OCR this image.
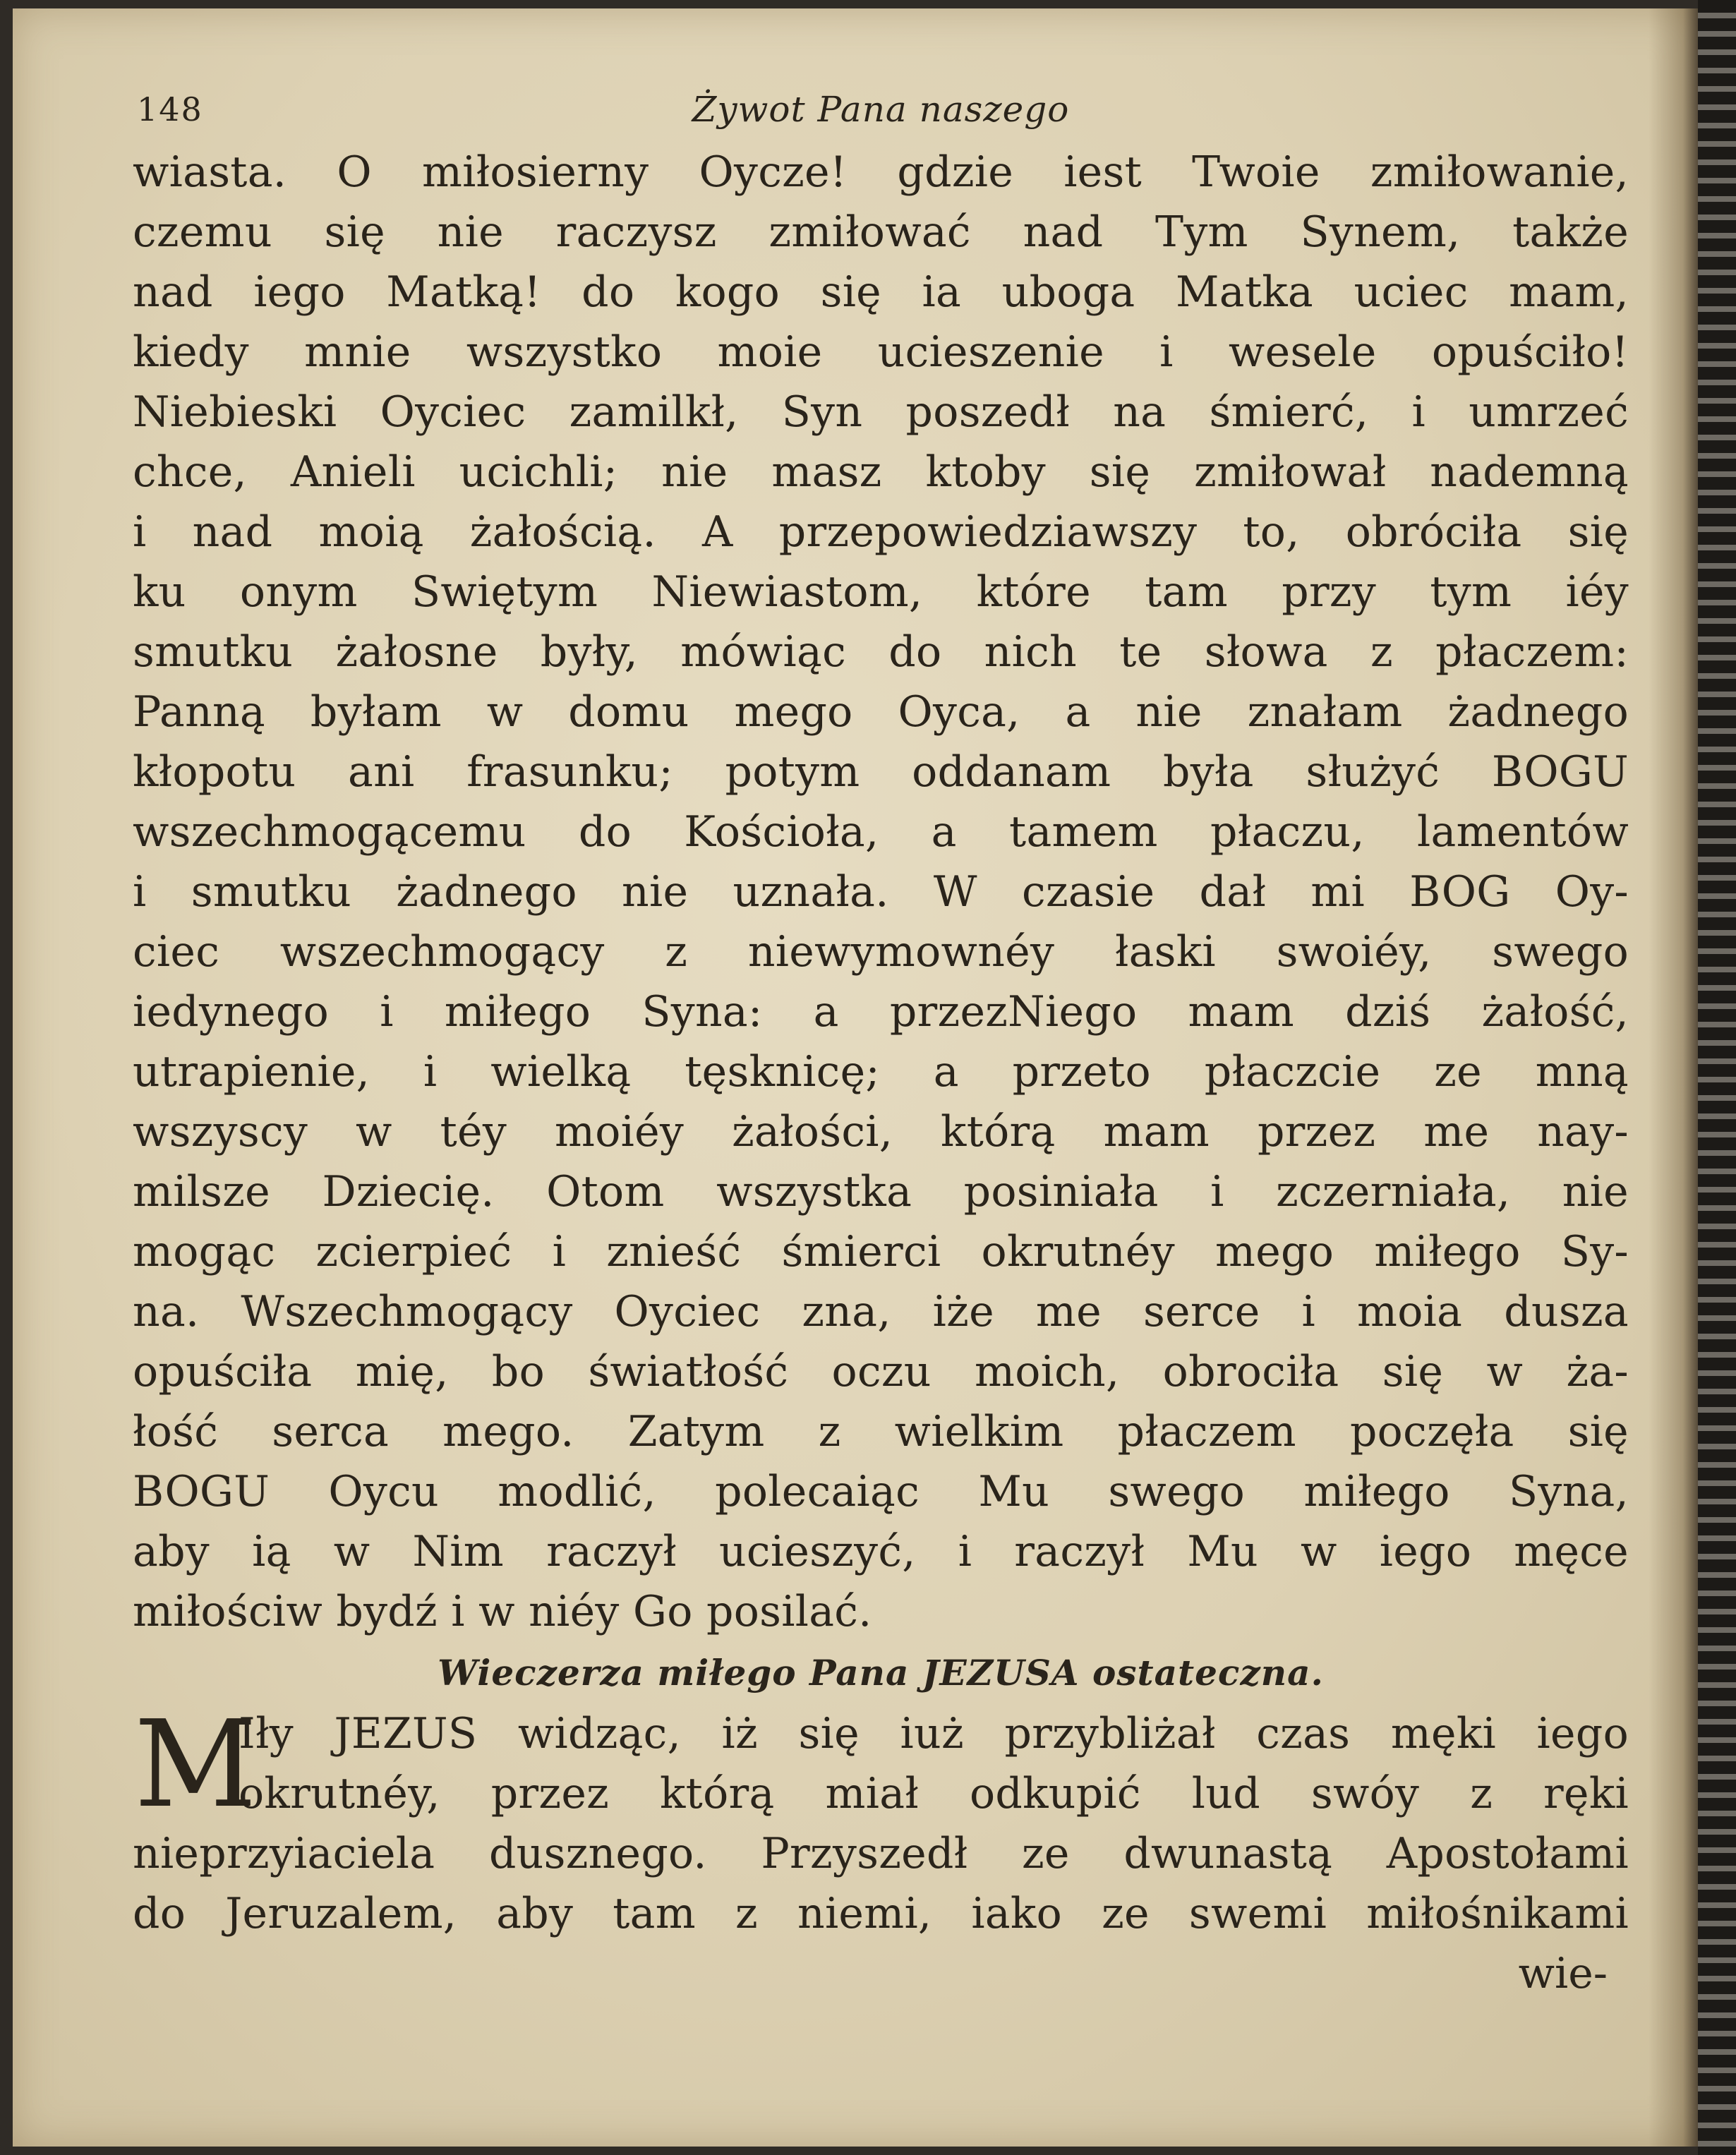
148	Żywot Pana naszego
wiasta. O miłosierny Oycze! gdzie iest Twoie zmiłowanie,
czemu się nie raczysz zmiłować nad Tym Synem, także
nad iego Matką! do kogo się ia uboga Matka uciec mam,
kiedy mnie wszystko moie ucieszenie i wesele opuściło!
Niebieski Oyciec zamilkł, Syn poszedł na śmierć, i umrzeć
chce, Anieli ucichli; nie masz ktoby się zmiłował nademną
i nad moią żałością. A przepowiedziawszy to, obróciła się
ku onym Swiętym Niewiastom, które tam przy tym iéy
smutku żałosne były, mówiąc do nich te słowa z płaczem:
Panną byłam w domu mego Oyca, a nie znałam żadnego
kłopotu ani frasunku; potym oddanam była służyć BOGU
wszechmogącemu do Kościoła, a tamem płaczu, lamentów
i smutku żadnego nie uznała. W czasie dał mi BOG Oy-
ciec wszechmogący z niewymownéy łaski swoiéy, swego
iedynego i miłego Syna: a przezNiego mam dziś żałość,
utrapienie, i wielką tęsknicę; a przeto płaczcie ze mną
wszyscy w téy moiéy żałości, którą mam przez me nay-
milsze Dziecię. Otom wszystka posiniała i zczerniała, nie
mogąc zcierpieć i znieść śmierci okrutnéy mego miłego Sy-
na. Wszechmogący Oyciec zna, iże me serce i moia dusza
opuściła mię, bo światłość oczu moich, obrociła się w ża-
łość serca mego. Zatym z wielkim płaczem poczęła się
BOGU Oycu modlić, polecaiąc Mu swego miłego Syna,
aby ią w Nim raczył ucieszyć, i raczył Mu w iego męce
miłościw bydź i w niéy Go posilać.
Wieczerza miłego Pana JEZUSA ostateczna.
M
Iły JEZUS widząc, iż się iuż przybliżał czas męki iego
okrutnéy, przez którą miał odkupić lud swóy z ręki
nieprzyiaciela dusznego. Przyszedł ze dwunastą Apostołami
do Jeruzalem, aby tam z niemi, iako ze swemi miłośnikami
wie-
